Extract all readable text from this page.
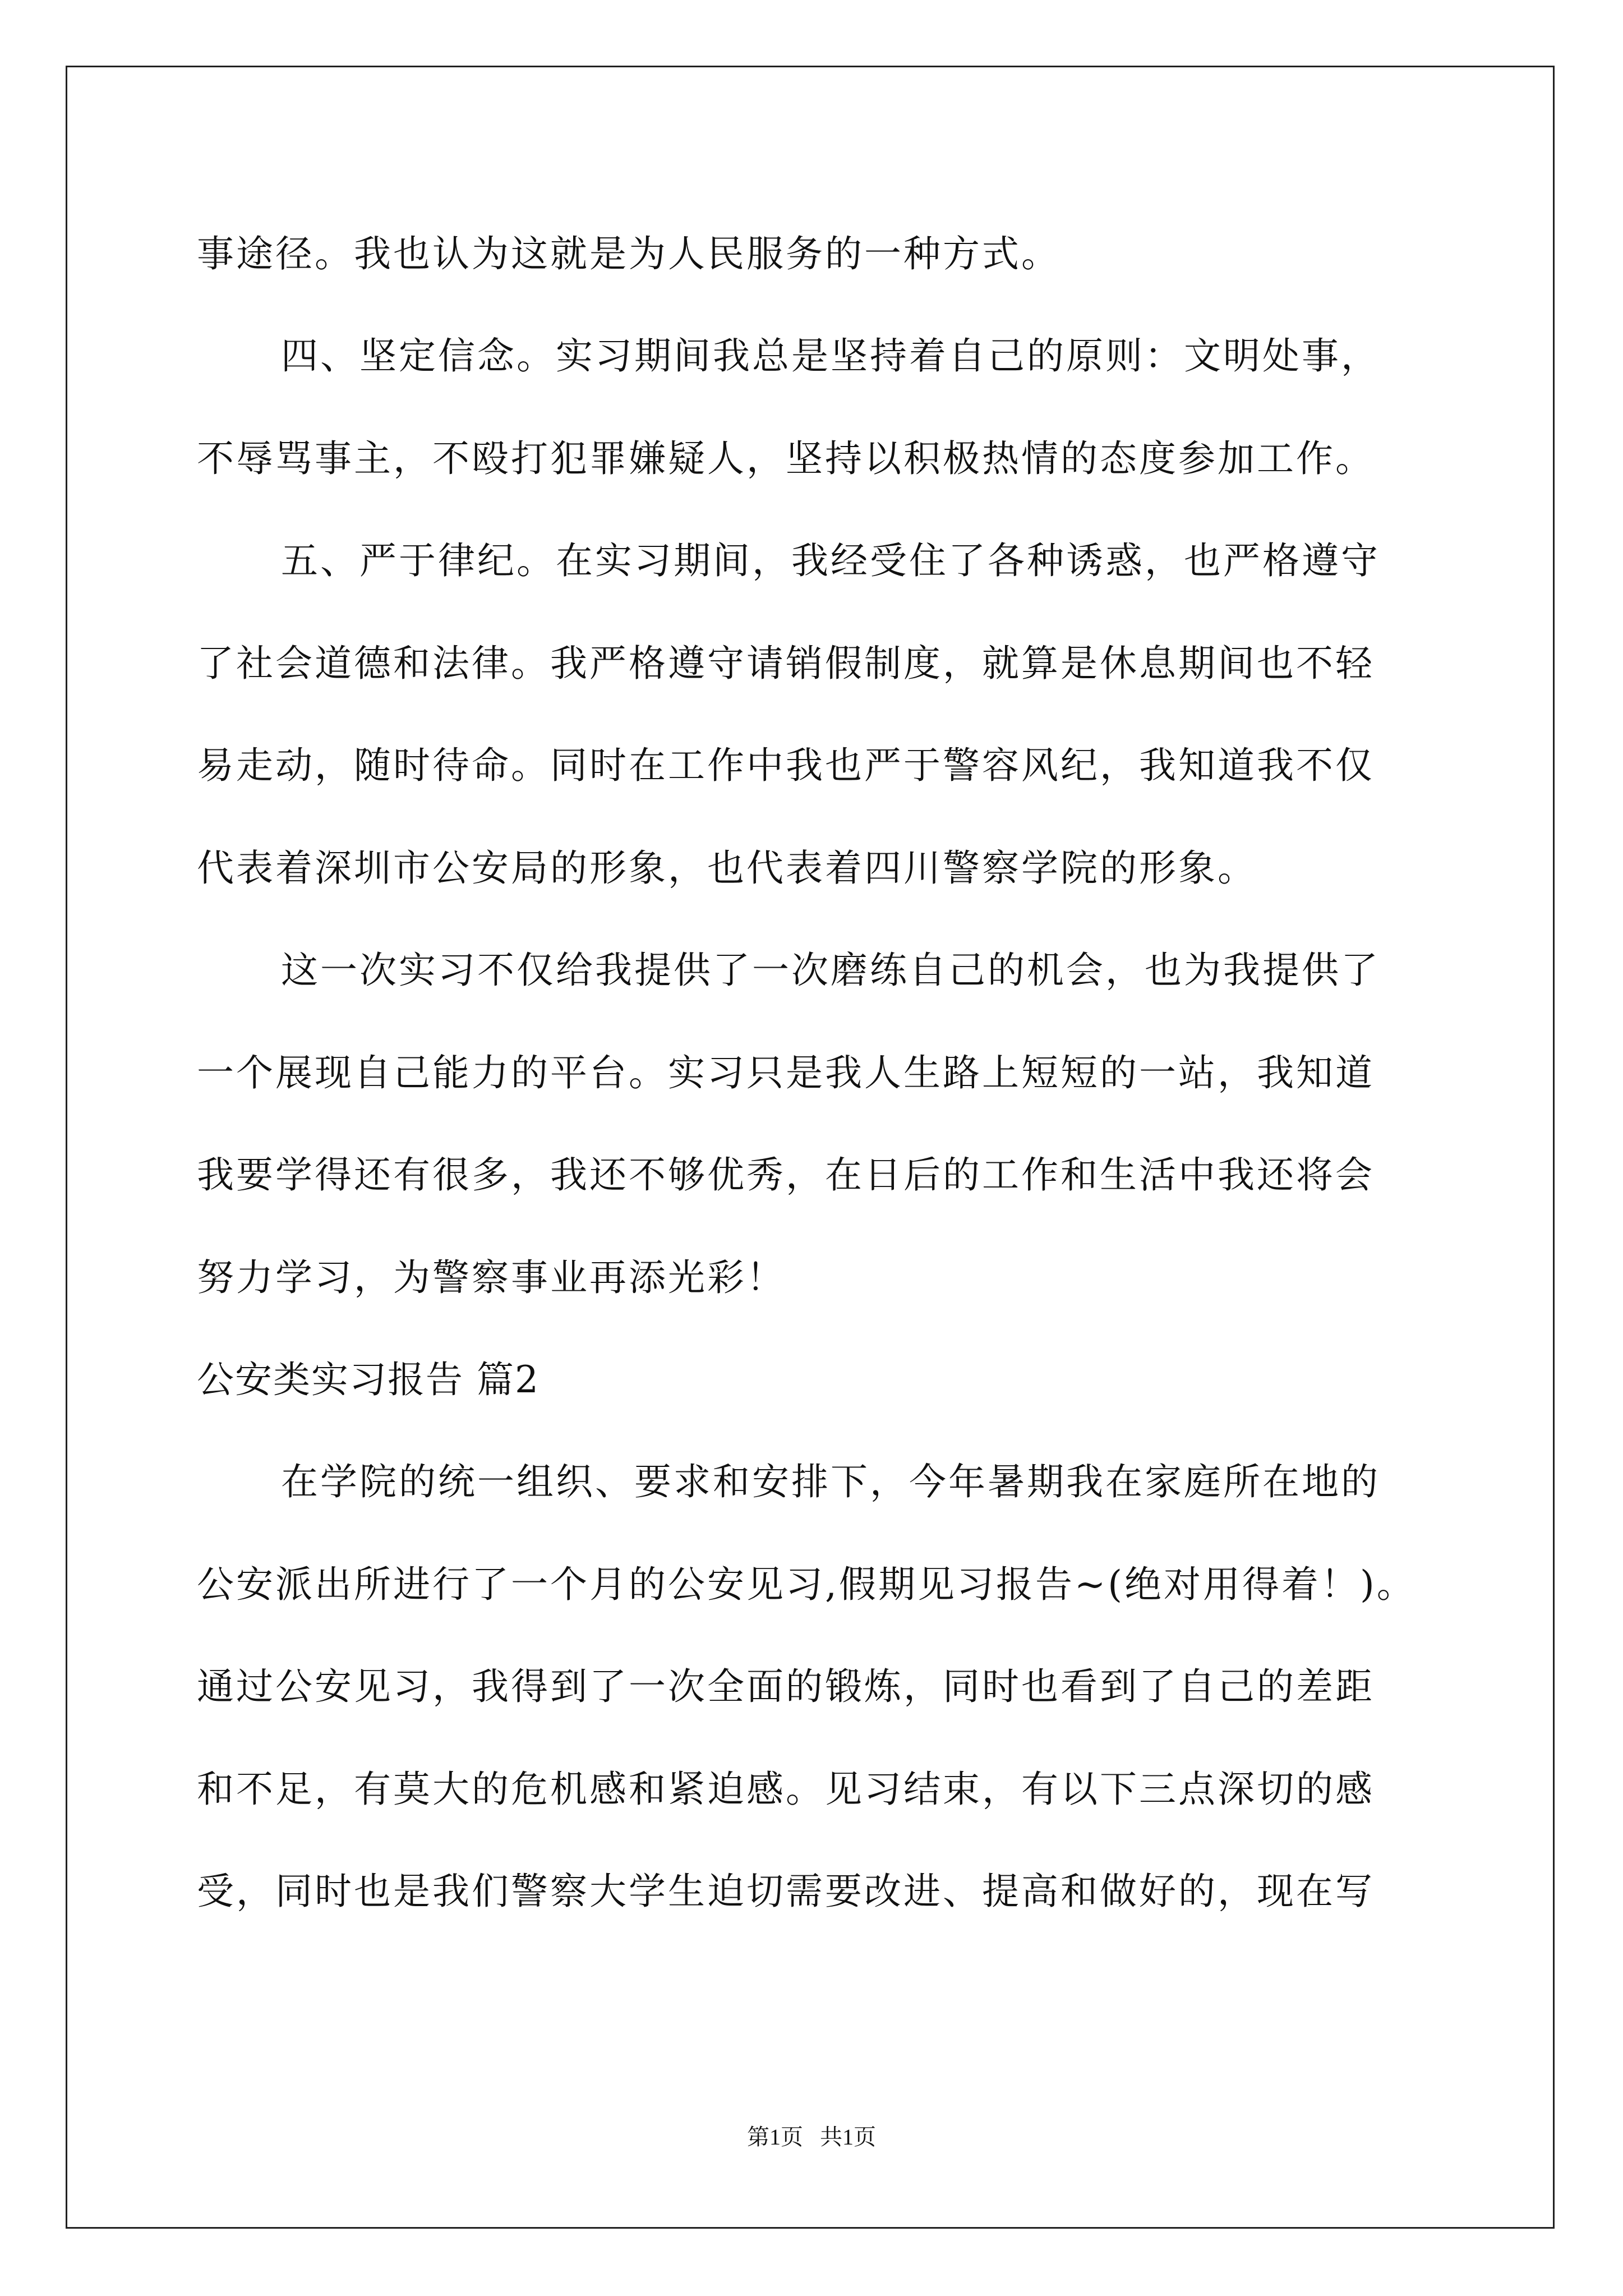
事途径。我也认为这就是为人民服务的一种方式。
四、坚定信念。实习期间我总是坚持着自己的原则：文明处事，
不辱骂事主，不殴打犯罪嫌疑人，坚持以积极热情的态度参加工作。
五、严于律纪。在实习期间，我经受住了各种诱惑，也严格遵守
了社会道德和法律。我严格遵守请销假制度，就算是休息期间也不轻
易走动，随时待命。同时在工作中我也严于警容风纪，我知道我不仅
代表着深圳市公安局的形象，也代表着四川警察学院的形象。
这一次实习不仅给我提供了一次磨练自己的机会，也为我提供了
一个展现自己能力的平台。实习只是我人生路上短短的一站，我知道
我要学得还有很多，我还不够优秀，在日后的工作和生活中我还将会
努力学习，为警察事业再添光彩！
公安类实习报告 篇2
在学院的统一组织、要求和安排下，今年暑期我在家庭所在地的
公安派出所进行了一个月的公安见习,假期见习报告~(绝对用得着！)。
通过公安见习，我得到了一次全面的锻炼，同时也看到了自己的差距
和不足，有莫大的危机感和紧迫感。见习结束，有以下三点深切的感
受，同时也是我们警察大学生迫切需要改进、提高和做好的，现在写
第1页 共1页
